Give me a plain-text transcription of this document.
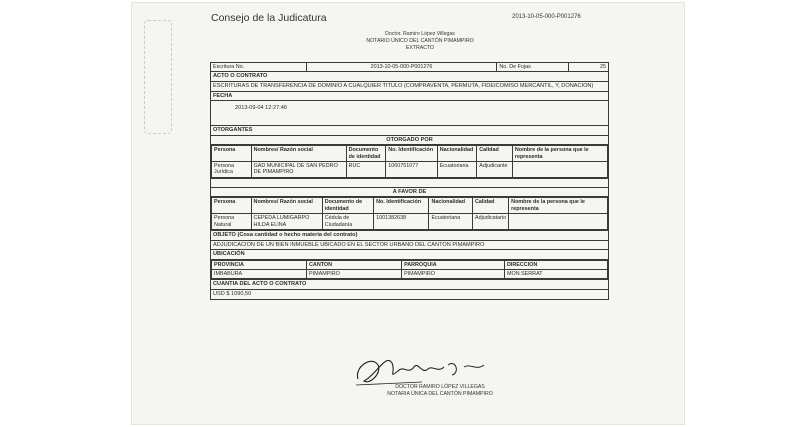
Consejo de la Judicatura	2013-10-05-000-P001276
Doctor. Ramiro López Villegas
NOTARIO ÚNICO DEL CANTÓN PIMAMPIRO
EXTRACTO
Escritura No.	2013-10-05-000-P001276	No. De Fojas	25

ACTO O CONTRATO
ESCRITURAS DE TRANSFERENCIA DE DOMINIO A CUALQUIER TITULO (COMPRAVENTA, PERMUTA, FIDEICOMISO MERCANTIL, Y, DONACION)
FECHA
2013-09-04 12:27:46
OTORGANTES
OTORGADO POR

Persona	Nombres/ Razón social	Documento de identidad	No. Identificación	Nacionalidad	Calidad	Nombre de la persona que le representa
Persona Jurídica	GAD MUNICIPAL DE SAN PEDRO DE PIMAMPIRO	RUC	1060751077	Ecuatoriana	Adjudicante	

A FAVOR DE

Persona	Nombres/ Razón social	Documento de identidad	No. Identificación	Nacionalidad	Calidad	Nombre de la persona que le representa
Persona Natural	CEPEDA LUMIGARPO HILDA ELINA	Cédula de Ciudadanía	1001382638	Ecuatoriana	Adjudicatario	

OBJETO (Cosa cantidad o hecho materia del contrato)
ADJUDICACION DE UN BIEN INMUEBLE UBICADO EN EL SECTOR URBANO DEL CANTON PIMAMPIRO
UBICACIÓN

PROVINCIA	CANTON	PARROQUIA	DIRECCION
IMBABURA	PIMAMPIRO	PIMAMPIRO	MON SERRAT

CUANTIA DEL ACTO O CONTRATO
USD $ 1090,50
DOCTOR RAMIRO LÓPEZ VILLEGAS
NOTARIA ÚNICA DEL CANTÓN PIMAMPIRO
